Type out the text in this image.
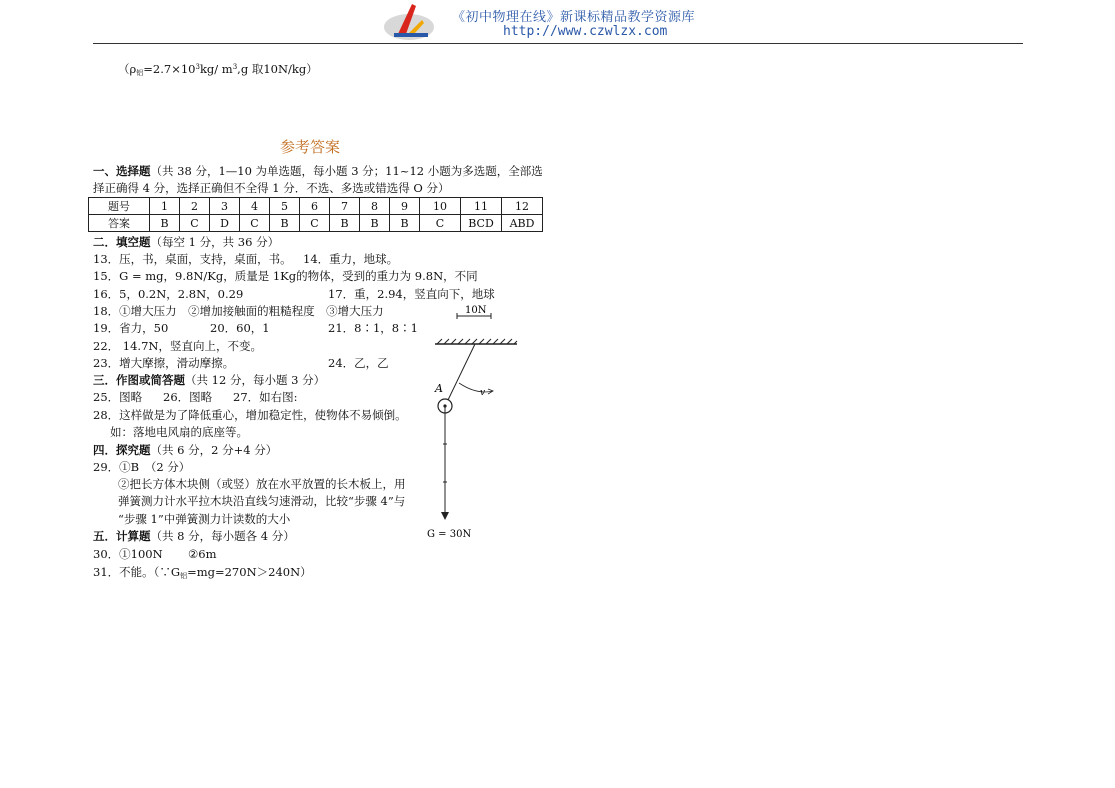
《初中物理在线》新课标精品教学资源库
http://www.czwlzx.com
（$\rho_铝=2.7\times 10^3kg/$ $m^3,g$ 取10N/kg）
参考答案
一、选择题（共 38 分，1—10 为单选题，每小题 3 分；11~12 小题为多选题，全部选
择正确得 4 分，选择正确但不全得 1 分．不选、多选或错选得 O 分）
题号	1	2	3	4	5	6	7	8	9	10	11	12
答案	B	C	D	C	B	C	B	B	B	C	BCD	ABD
二．填空题（每空 1 分，共 36 分）
13．压，书，桌面，支持，桌面，书。 14．重力，地球。
15．G = mg，9.8N/Kg，质量是 1Kg的物体，受到的重力为 9.8N，不同
16．5，0.2N，2.8N，0.29	17．重，2.94，竖直向下，地球
18．①增大压力　②增加接触面的粗糙程度　③增大压力
19．省力，50	20．60，1	21．8∶1，8∶1
22． 14.7N，竖直向上，不变。
23．增大摩擦，滑动摩擦。	24．乙，乙
三．作图或简答题（共 12 分，每小题 3 分）
25．图略 26．图略 27．如右图:
28．这样做是为了降低重心，增加稳定性，使物体不易倾倒。
如：落地电风扇的底座等。
四．探究题（共 6 分，2 分+4 分）
29．①B　（2 分）
②把长方体木块侧（或竖）放在水平放置的长木板上，用
弹簧测力计水平拉木块沿直线匀速滑动，比较“步骤 4”与
“步骤 1”中弹簧测力计读数的大小
五．计算题（共 8 分，每小题各 4 分）
30．①100N ②6m
31．不能。$(\because G_铝=mg=270N>240N)$
10N
v
A
G = 30N
